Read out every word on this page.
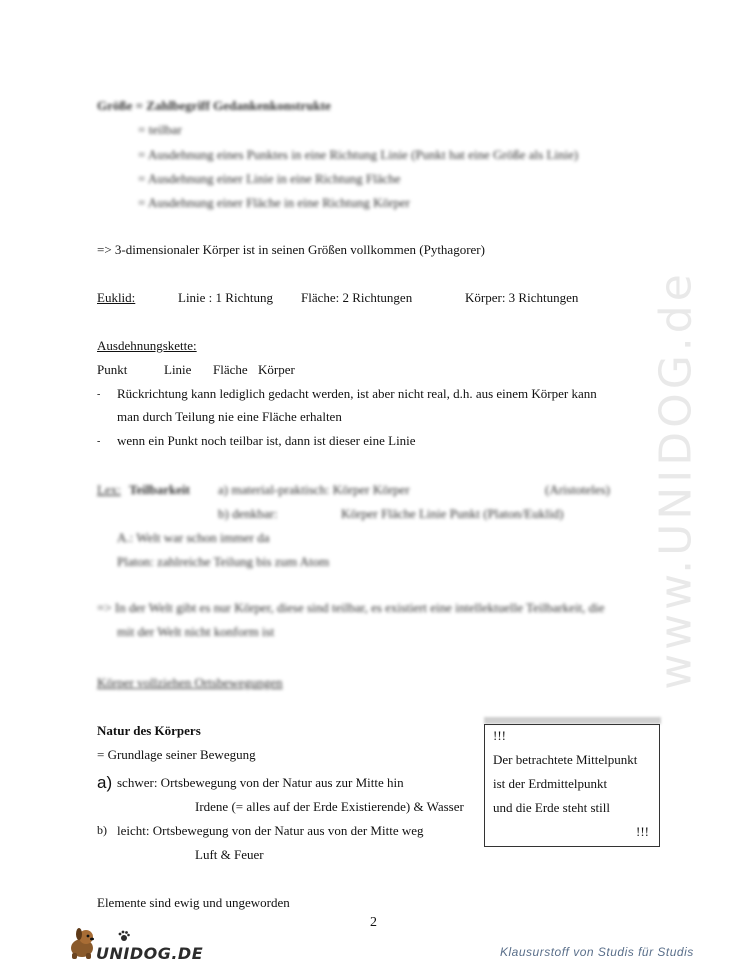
www.UNIDOG.de
Größe = Zahlbegriff Gedankenkonstrukte
= teilbar
= Ausdehnung eines Punktes in eine Richtung Linie (Punkt hat eine Größe als Linie)
= Ausdehnung einer Linie in eine Richtung Fläche
= Ausdehnung einer Fläche in eine Richtung Körper
=> 3-dimensionaler Körper ist in seinen Größen vollkommen (Pythagorer)
Euklid:	Linie : 1 Richtung Fläche: 2 Richtungen	Körper: 3 Richtungen
Ausdehnungskette:
Punkt	Linie Fläche Körper
- Rückrichtung kann lediglich gedacht werden, ist aber nicht real, d.h. aus einem Körper kann
man durch Teilung nie eine Fläche erhalten
- wenn ein Punkt noch teilbar ist, dann ist dieser eine Linie
Lex: Teilbarkeit a) material-praktisch: Körper Körper	(Aristoteles)
b) denkbar:	Körper Fläche Linie Punkt (Platon/Euklid)
A.: Welt war schon immer da
Platon: zahlreiche Teilung bis zum Atom
=> In der Welt gibt es nur Körper, diese sind teilbar, es existiert eine intellektuelle Teilbarkeit, die
mit der Welt nicht konform ist
Körper vollziehen Ortsbewegungen
Natur des Körpers
= Grundlage seiner Bewegung
a) schwer: Ortsbewegung von der Natur aus zur Mitte hin
Irdene (= alles auf der Erde Existierende) & Wasser
b) leicht: Ortsbewegung von der Natur aus von der Mitte weg
Luft & Feuer
Elemente sind ewig und ungeworden
!!!
Der betrachtete Mittelpunkt
ist der Erdmittelpunkt
und die Erde steht still
!!!
2
UNIDOG.DE	Klausurstoff von Studis für Studis
